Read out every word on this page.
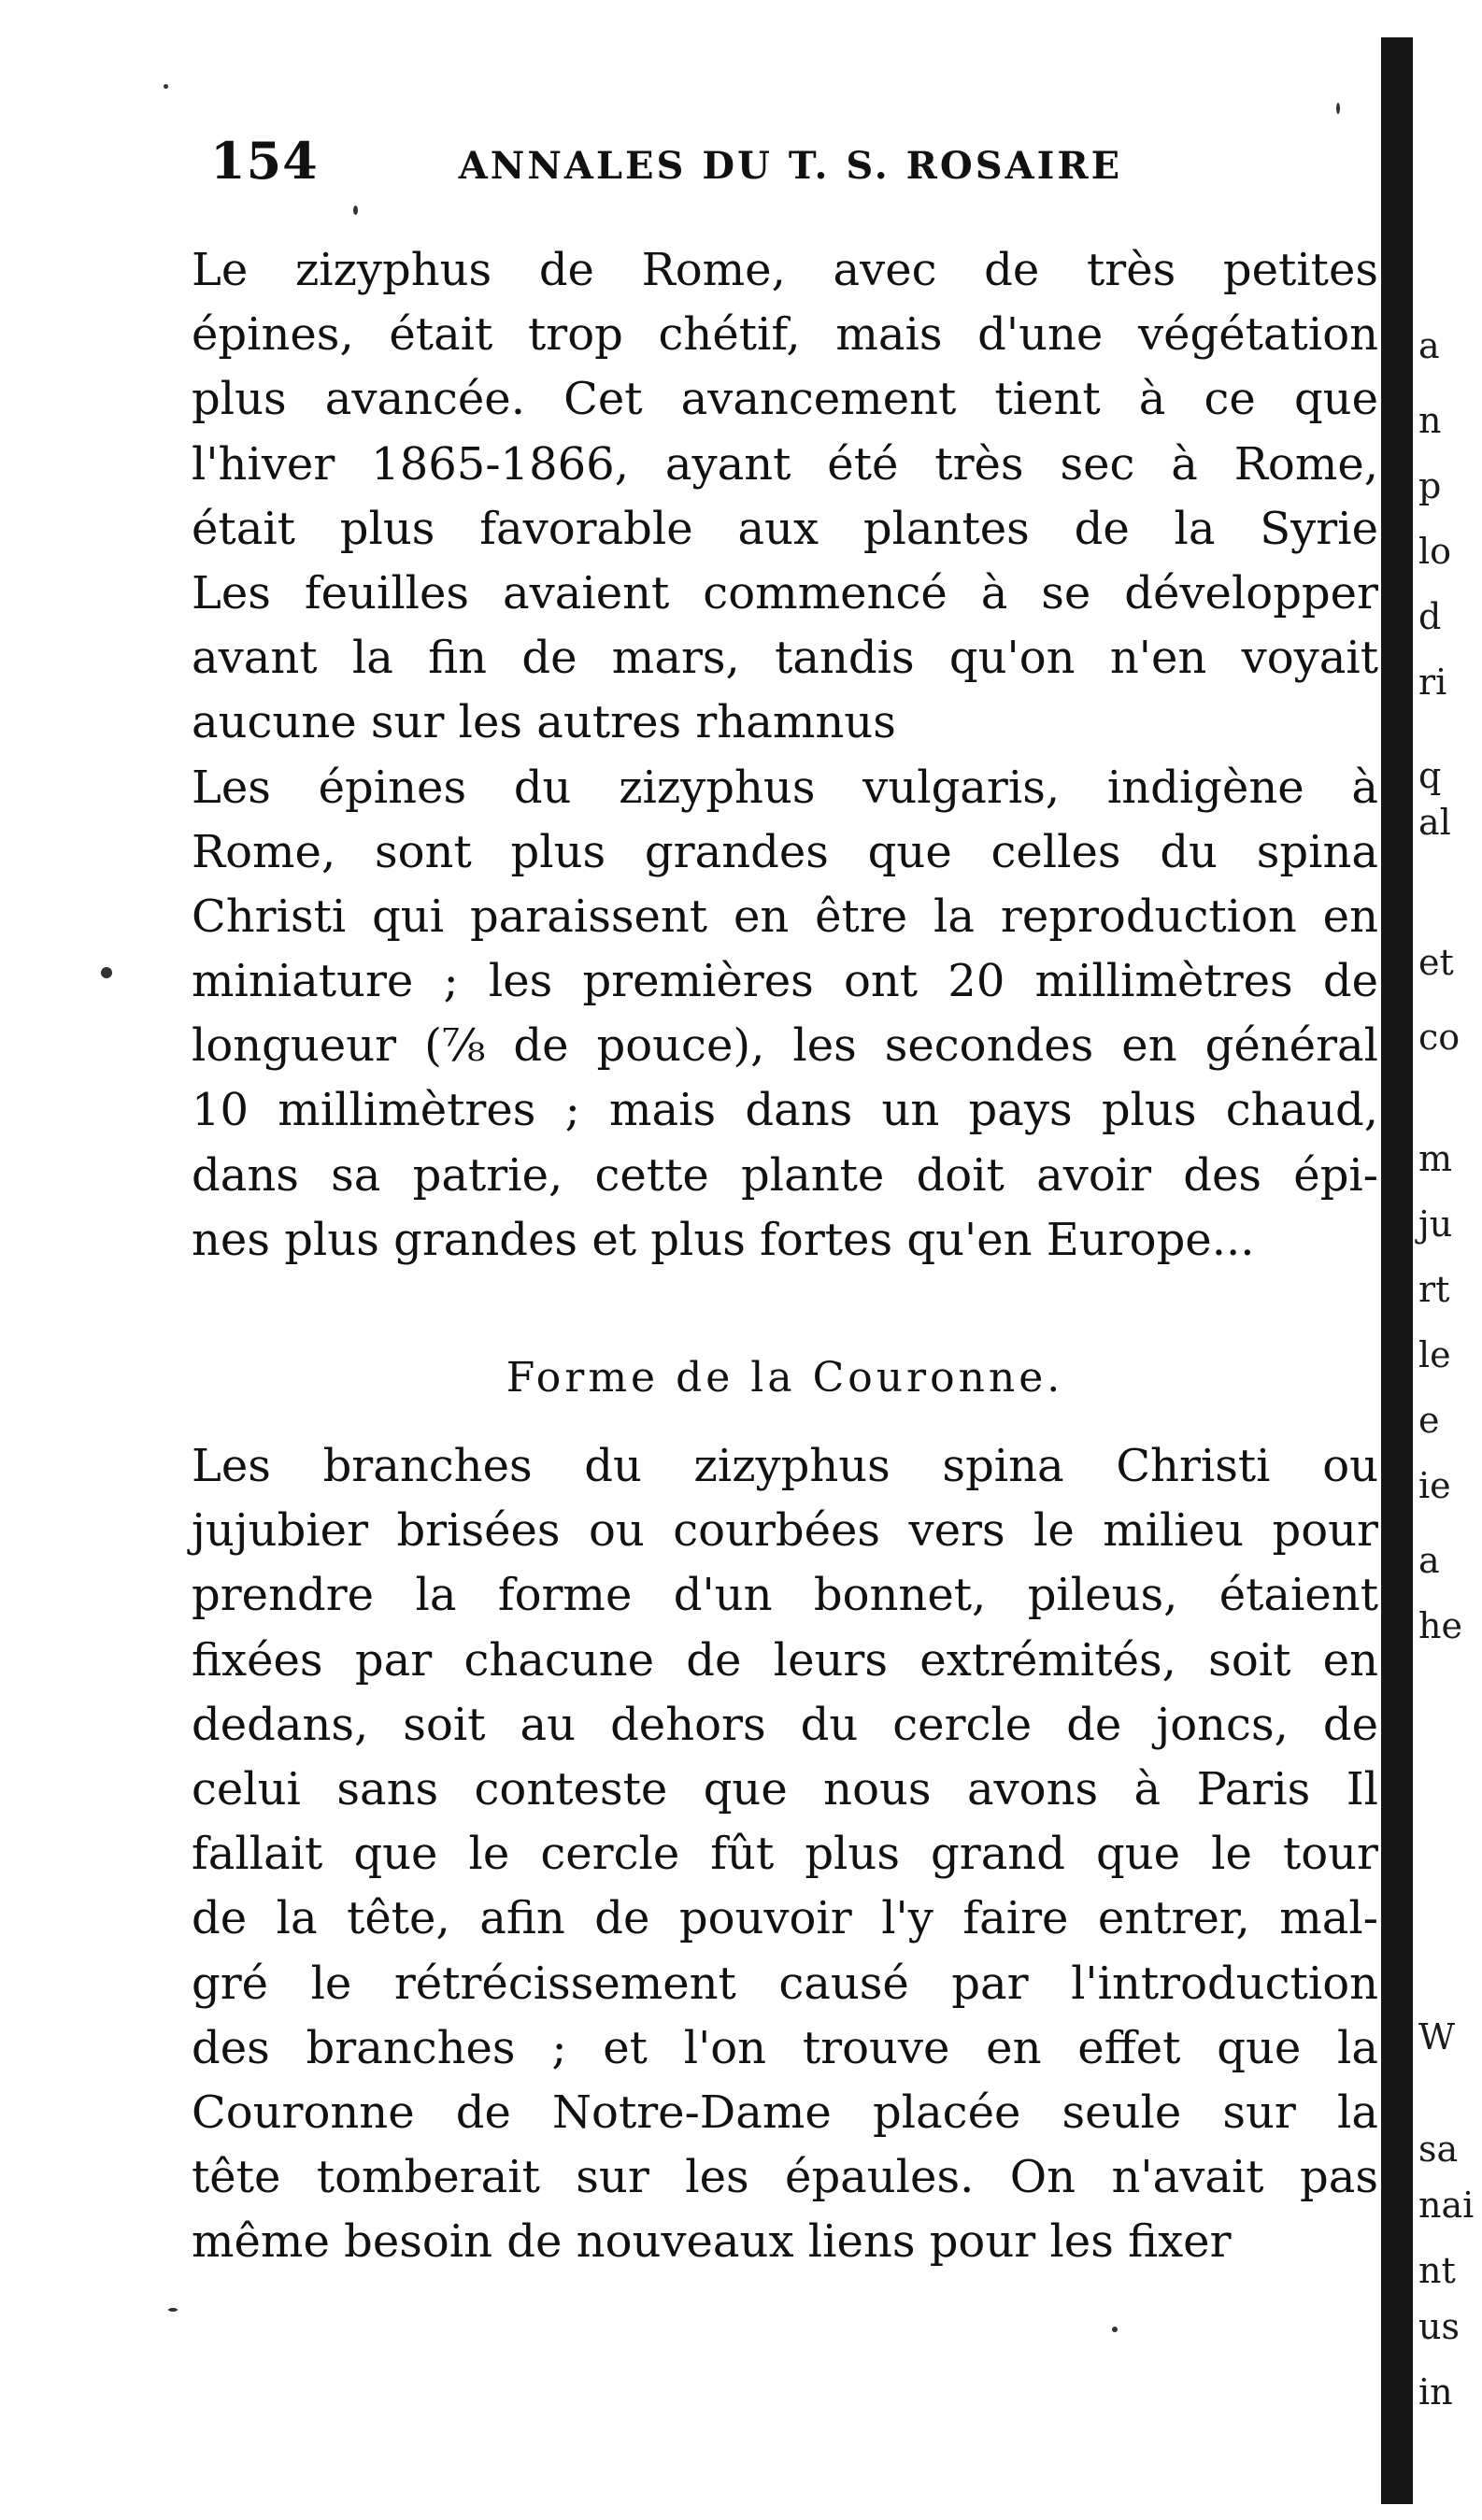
154	ANNALES DU T. S. ROSAIRE
Le zizyphus de Rome, avec de très petites
épines, était trop chétif, mais d'une végétation
plus avancée. Cet avancement tient à ce que
l'hiver 1865-1866, ayant été très sec à Rome,
était plus favorable aux plantes de la Syrie
Les feuilles avaient commencé à se développer
avant la fin de mars, tandis qu'on n'en voyait
aucune sur les autres rhamnus
Les épines du zizyphus vulgaris, indigène à
Rome, sont plus grandes que celles du spina
Christi qui paraissent en être la reproduction en
miniature ; les premières ont 20 millimètres de
longueur (⅞ de pouce), les secondes en général
10 millimètres ; mais dans un pays plus chaud,
dans sa patrie, cette plante doit avoir des épi-
nes plus grandes et plus fortes qu'en Europe...
Forme de la Couronne.
Les branches du zizyphus spina Christi ou
jujubier brisées ou courbées vers le milieu pour
prendre la forme d'un bonnet, pileus, étaient
fixées par chacune de leurs extrémités, soit en
dedans, soit au dehors du cercle de joncs, de
celui sans conteste que nous avons à Paris Il
fallait que le cercle fût plus grand que le tour
de la tête, afin de pouvoir l'y faire entrer, mal-
gré le rétrécissement causé par l'introduction
des branches ; et l'on trouve en effet que la
Couronne de Notre-Dame placée seule sur la
tête tomberait sur les épaules. On n'avait pas
même besoin de nouveaux liens pour les fixer
a
n
p
lo
d
ri
q
al
et
co
m
ju
rt
le
e
ie
a
he
W
sa
nai
nt
us
in
